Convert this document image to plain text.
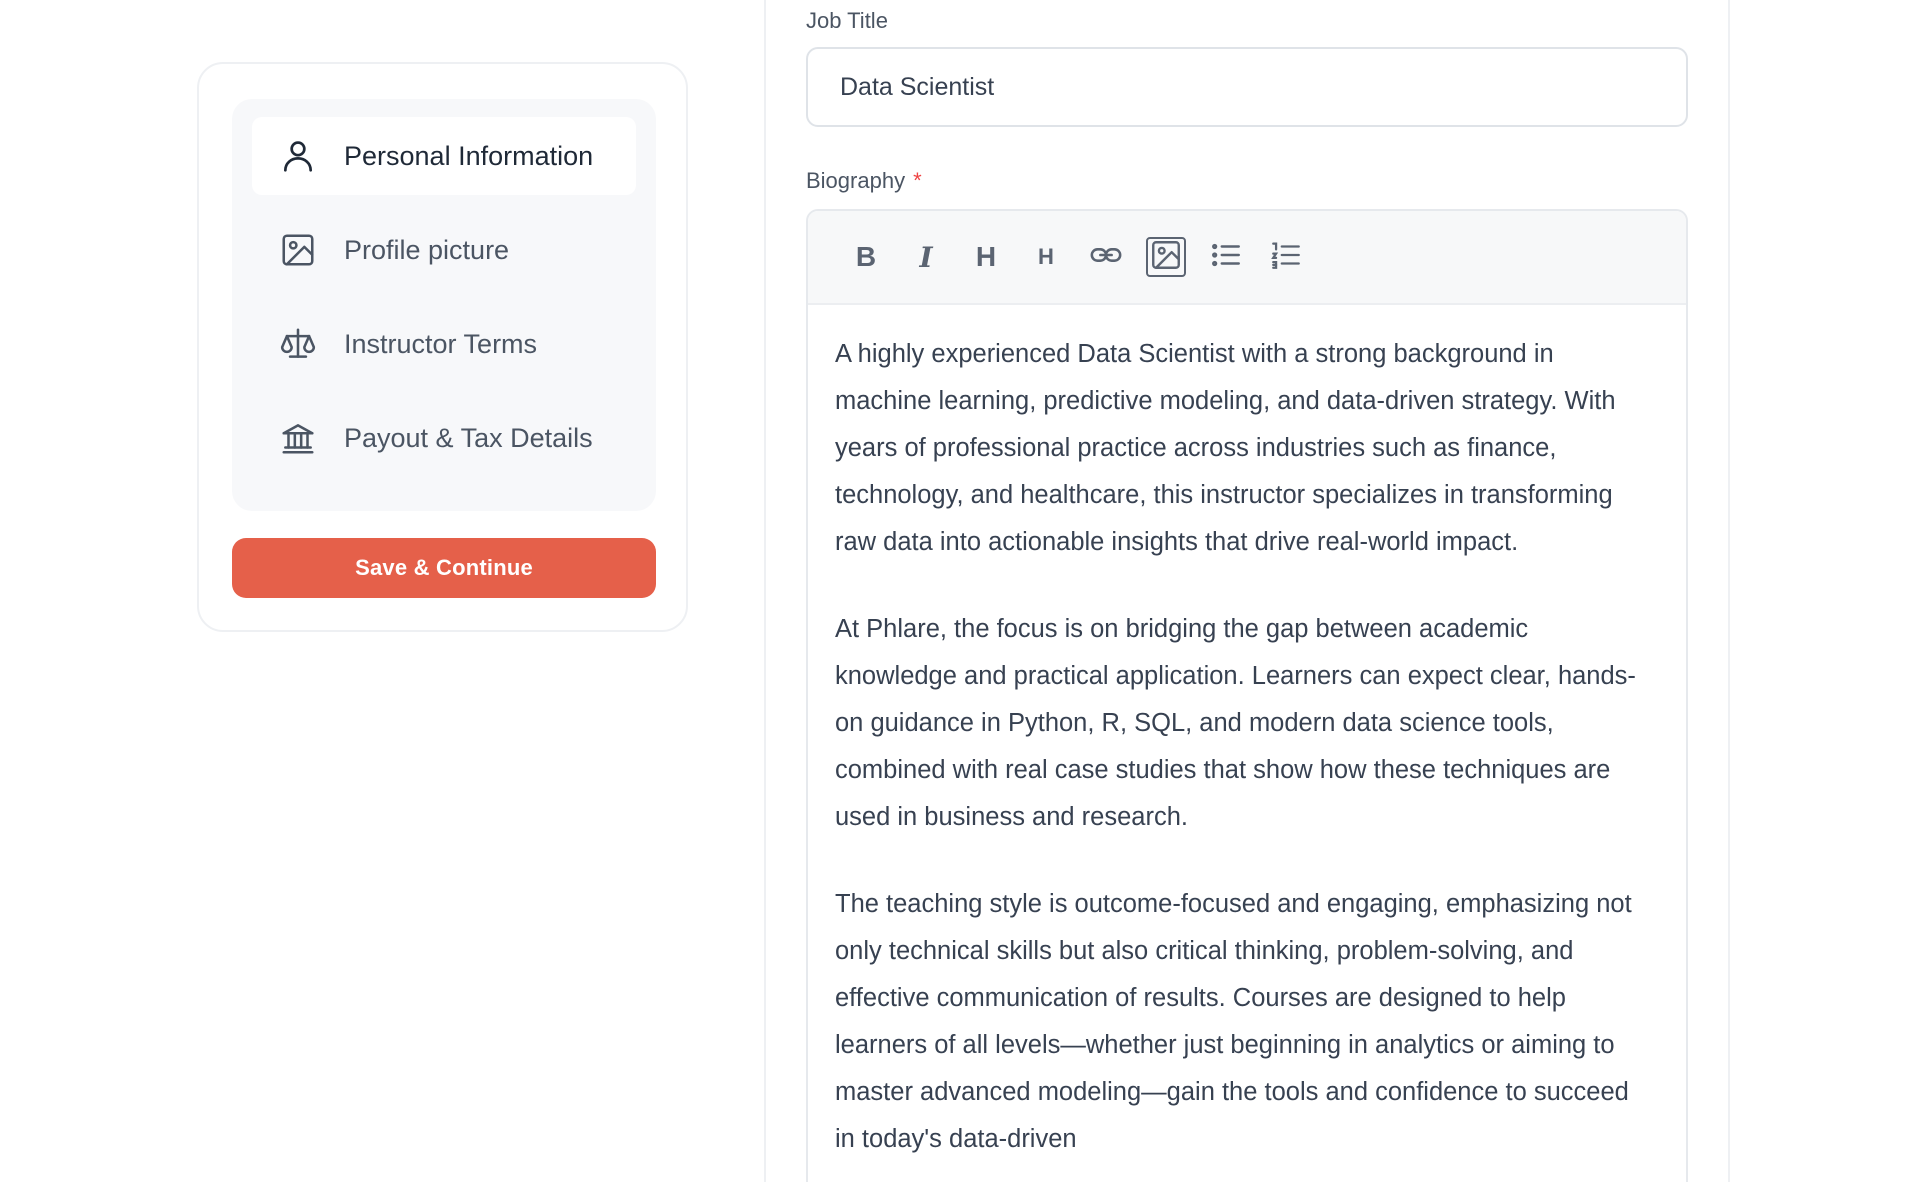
Personal Information
Profile picture
Instructor Terms
Payout & Tax Details
Save & Continue
Job Title
Data Scientist
Biography *
B I H H

A highly experienced Data Scientist with a strong background in machine learning, predictive modeling, and data-driven strategy. With years of professional practice across industries such as finance, technology, and healthcare, this instructor specializes in transforming raw data into actionable insights that drive real-world impact.

At Phlare, the focus is on bridging the gap between academic knowledge and practical application. Learners can expect clear, hands-on guidance in Python, R, SQL, and modern data science tools, combined with real case studies that show how these techniques are used in business and research.

The teaching style is outcome-focused and engaging, emphasizing not only technical skills but also critical thinking, problem-solving, and effective communication of results. Courses are designed to help learners of all levels—whether just beginning in analytics or aiming to master advanced modeling—gain the tools and confidence to succeed in today's data-driven
